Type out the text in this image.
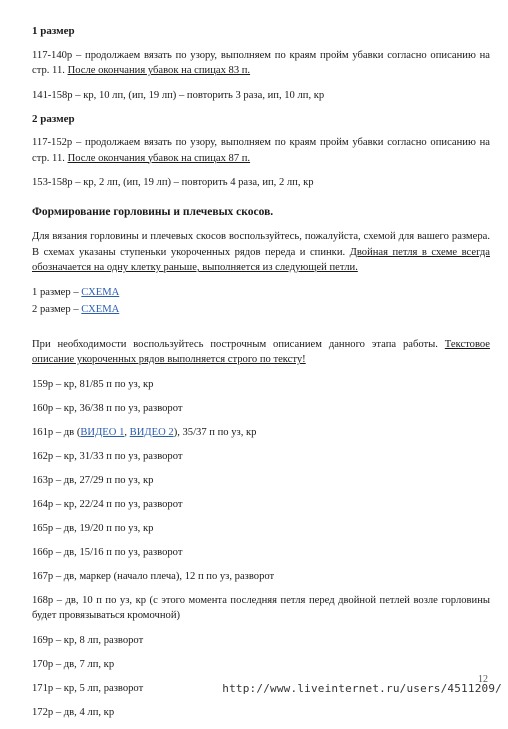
1 размер

117-140р – продолжаем вязать по узору, выполняем по краям пройм убавки согласно описанию на стр. 11. После окончания убавок на спицах 83 п.

141-158р – кр, 10 лп, (ип, 19 лп) – повторить 3 раза, ип, 10 лп, кр

2 размер

117-152р – продолжаем вязать по узору, выполняем по краям пройм убавки согласно описанию на стр. 11. После окончания убавок на спицах 87 п.

153-158р – кр, 2 лп, (ип, 19 лп) – повторить 4 раза, ип, 2 лп, кр

Формирование горловины и плечевых скосов.

Для вязания горловины и плечевых скосов воспользуйтесь, пожалуйста, схемой для вашего размера. В схемах указаны ступеньки укороченных рядов переда и спинки. Двойная петля в схеме всегда обозначается на одну клетку раньше, выполняется из следующей петли.

1 размер – СХЕМА

2 размер – СХЕМА

При необходимости воспользуйтесь построчным описанием данного этапа работы. Текстовое описание укороченных рядов выполняется строго по тексту!

159р – кр, 81/85 п по уз, кр

160р – кр, 36/38 п по уз, разворот

161р – дв (ВИДЕО 1, ВИДЕО 2), 35/37 п по уз, кр

162р – кр, 31/33 п по уз, разворот

163р – дв, 27/29 п по уз, кр

164р – кр, 22/24 п по уз, разворот

165р – дв, 19/20 п по уз, кр

166р – дв, 15/16 п по уз, разворот

167р – дв, маркер (начало плеча), 12 п по уз, разворот

168р – дв, 10 п по уз, кр (с этого момента последняя петля перед двойной петлей возле горловины будет провязываться кромочной)

169р – кр, 8 лп, разворот

170р – дв, 7 лп, кр

171р – кр, 5 лп, разворот

172р – дв, 4 лп, кр

12
http://www.liveinternet.ru/users/4511209/
